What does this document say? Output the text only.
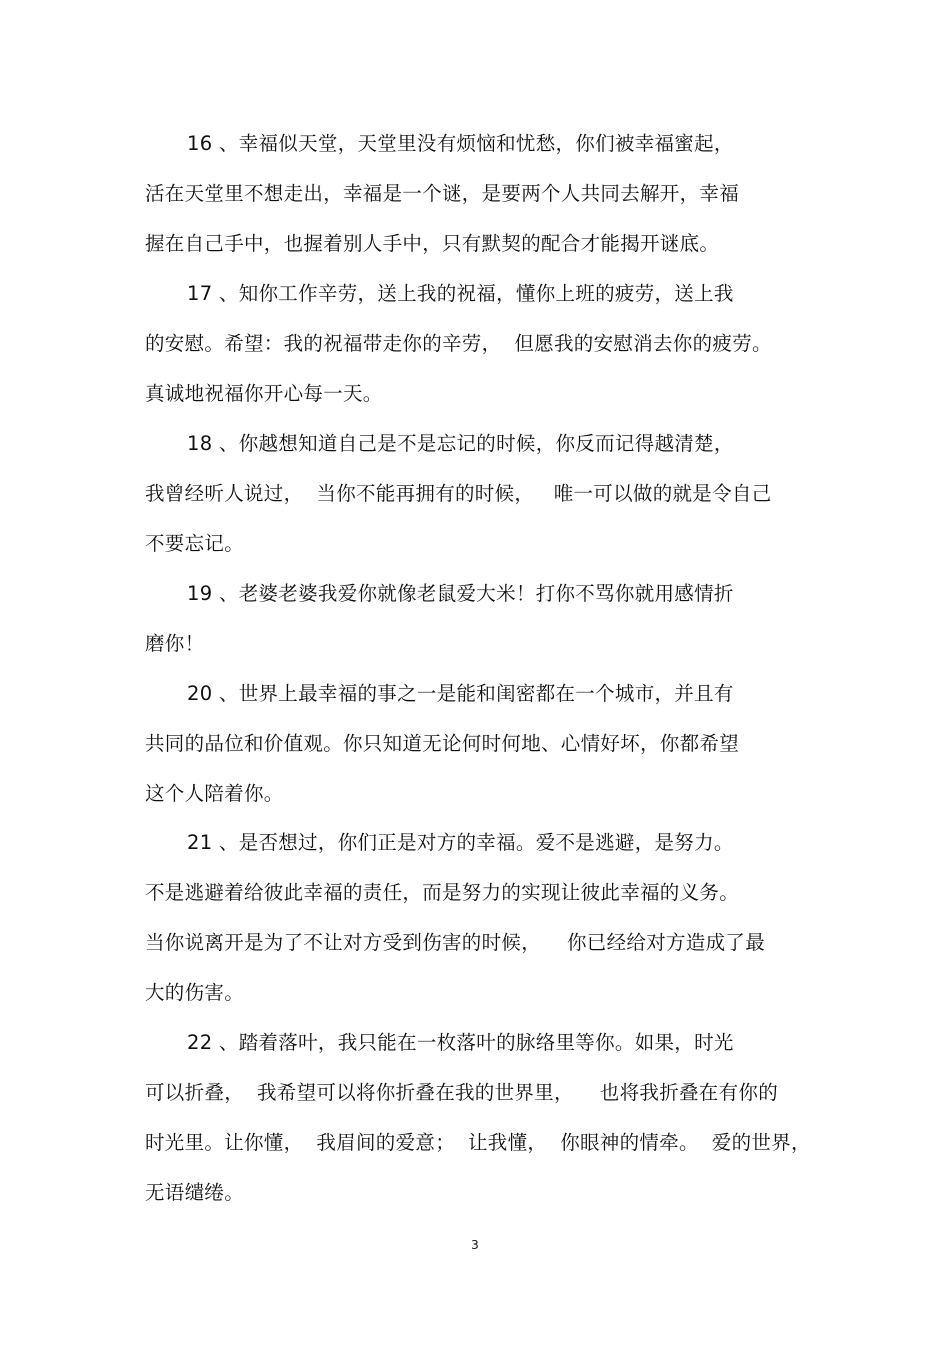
16 、幸福似天堂，天堂里没有烦恼和忧愁，你们被幸福蜜起，
活在天堂里不想走出，幸福是一个谜，是要两个人共同去解开，幸福
握在自己手中，也握着别人手中，只有默契的配合才能揭开谜底。
17 、知你工作辛劳，送上我的祝福，懂你上班的疲劳，送上我
的安慰。希望：我的祝福带走你的辛劳，  但愿我的安慰消去你的疲劳。
真诚地祝福你开心每一天。
18 、你越想知道自己是不是忘记的时候，你反而记得越清楚，
我曾经听人说过，  当你不能再拥有的时候，   唯一可以做的就是令自己
不要忘记。
19 、老婆老婆我爱你就像老鼠爱大米！打你不骂你就用感情折
磨你！
20 、世界上最幸福的事之一是能和闺密都在一个城市，并且有
共同的品位和价值观。你只知道无论何时何地、心情好坏，你都希望
这个人陪着你。
21 、是否想过，你们正是对方的幸福。爱不是逃避，是努力。
不是逃避着给彼此幸福的责任，而是努力的实现让彼此幸福的义务。
当你说离开是为了不让对方受到伤害的时候，    你已经给对方造成了最
大的伤害。
22 、踏着落叶，我只能在一枚落叶的脉络里等你。如果，时光
可以折叠，  我希望可以将你折叠在我的世界里，    也将我折叠在有你的
时光里。让你懂，  我眉间的爱意；  让我懂，  你眼神的情牵。  爱的世界，
无语缱绻。
3
